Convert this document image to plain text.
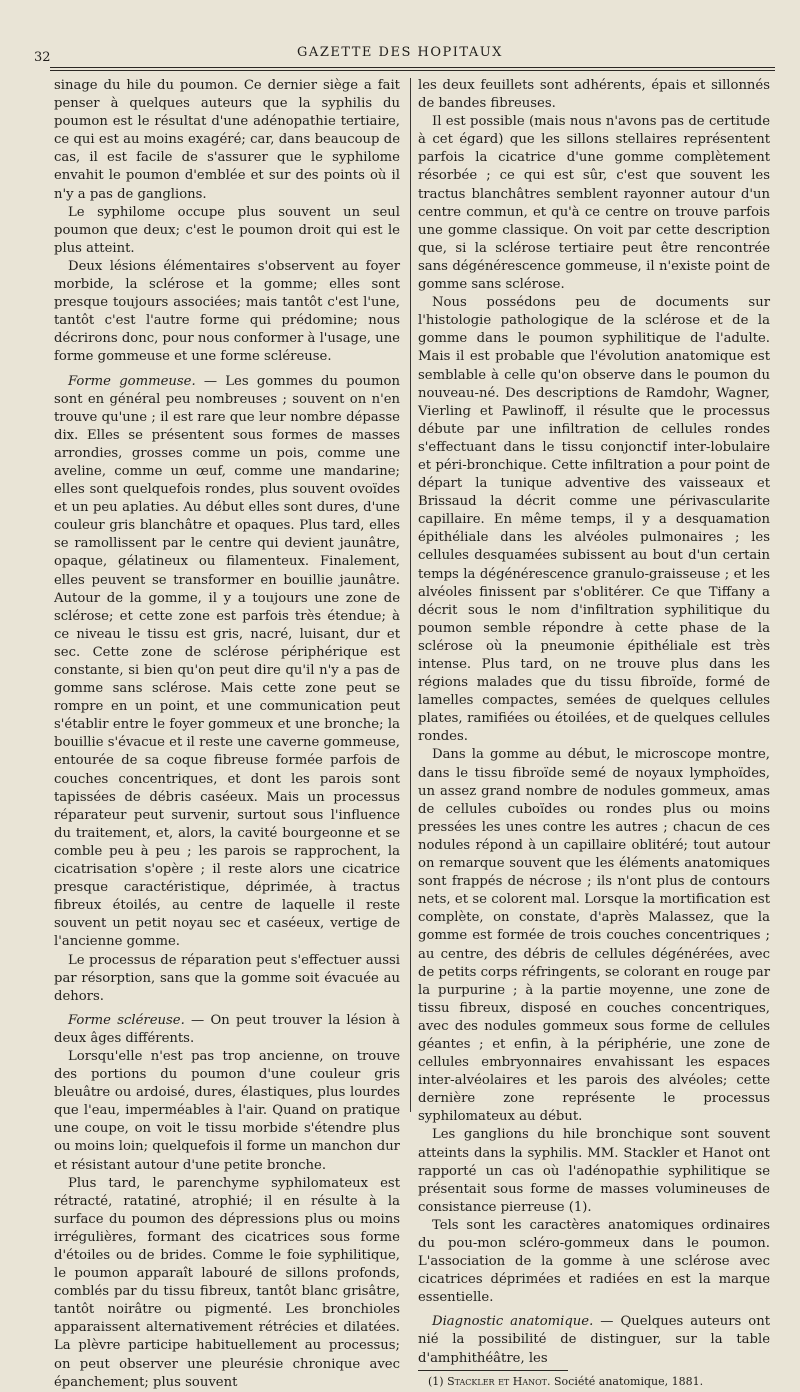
32	GAZETTE DES HOPITAUX

sinage du hile du poumon. Ce dernier siège a fait penser à quelques auteurs que la syphilis du poumon est le résultat d'une adénopathie tertiaire, ce qui est au moins exagéré; car, dans beaucoup de cas, il est facile de s'assurer que le syphilome envahit le poumon d'emblée et sur des points où il n'y a pas de ganglions.

Le syphilome occupe plus souvent un seul poumon que deux; c'est le poumon droit qui est le plus atteint.

Deux lésions élémentaires s'observent au foyer morbide, la sclérose et la gomme; elles sont presque toujours associées; mais tantôt c'est l'une, tantôt c'est l'autre forme qui prédomine; nous décrirons donc, pour nous conformer à l'usage, une forme gommeuse et une forme scléreuse.

Forme gommeuse. — Les gommes du poumon sont en général peu nombreuses ; souvent on n'en trouve qu'une ; il est rare que leur nombre dépasse dix. Elles se présentent sous formes de masses arrondies, grosses comme un pois, comme une aveline, comme un œuf, comme une mandarine; elles sont quelquefois rondes, plus souvent ovoïdes et un peu aplaties. Au début elles sont dures, d'une couleur gris blanchâtre et opaques. Plus tard, elles se ramollissent par le centre qui devient jaunâtre, opaque, gélatineux ou filamenteux. Finalement, elles peuvent se transformer en bouillie jaunâtre. Autour de la gomme, il y a toujours une zone de sclérose; et cette zone est parfois très étendue; à ce niveau le tissu est gris, nacré, luisant, dur et sec. Cette zone de sclérose périphérique est constante, si bien qu'on peut dire qu'il n'y a pas de gomme sans sclérose. Mais cette zone peut se rompre en un point, et une communication peut s'établir entre le foyer gommeux et une bronche; la bouillie s'évacue et il reste une caverne gommeuse, entourée de sa coque fibreuse formée parfois de couches concentriques, et dont les parois sont tapissées de débris caséeux. Mais un processus réparateur peut survenir, surtout sous l'influence du traitement, et, alors, la cavité bourgeonne et se comble peu à peu ; les parois se rapprochent, la cicatrisation s'opère ; il reste alors une cicatrice presque caractéristique, déprimée, à tractus fibreux étoilés, au centre de laquelle il reste souvent un petit noyau sec et caséeux, vertige de l'ancienne gomme.

Le processus de réparation peut s'effectuer aussi par résorption, sans que la gomme soit évacuée au dehors.

Forme scléreuse. — On peut trouver la lésion à deux âges différents.

Lorsqu'elle n'est pas trop ancienne, on trouve des portions du poumon d'une couleur gris bleuâtre ou ardoisé, dures, élastiques, plus lourdes que l'eau, imperméables à l'air. Quand on pratique une coupe, on voit le tissu morbide s'étendre plus ou moins loin; quelquefois il forme un manchon dur et résistant autour d'une petite bronche.

Plus tard, le parenchyme syphilomateux est rétracté, ratatiné, atrophié; il en résulte à la surface du poumon des dépressions plus ou moins irrégulières, formant des cicatrices sous forme d'étoiles ou de brides. Comme le foie syphilitique, le poumon apparaît labouré de sillons profonds, comblés par du tissu fibreux, tantôt blanc grisâtre, tantôt noirâtre ou pigmenté. Les bronchioles apparaissent alternativement rétrécies et dilatées. La plèvre participe habituellement au processus; on peut observer une pleurésie chronique avec épanchement; plus souvent

les deux feuillets sont adhérents, épais et sillonnés de bandes fibreuses.

Il est possible (mais nous n'avons pas de certitude à cet égard) que les sillons stellaires représentent parfois la cicatrice d'une gomme complètement résorbée ; ce qui est sûr, c'est que souvent les tractus blanchâtres semblent rayonner autour d'un centre commun, et qu'à ce centre on trouve parfois une gomme classique. On voit par cette description que, si la sclérose tertiaire peut être rencontrée sans dégénérescence gommeuse, il n'existe point de gomme sans sclérose.

Nous possédons peu de documents sur l'histologie pathologique de la sclérose et de la gomme dans le poumon syphilitique de l'adulte. Mais il est probable que l'évolution anatomique est semblable à celle qu'on observe dans le poumon du nouveau-né. Des descriptions de Ramdohr, Wagner, Vierling et Pawlinoff, il résulte que le processus débute par une infiltration de cellules rondes s'effectuant dans le tissu conjonctif inter-lobulaire et péri-bronchique. Cette infiltration a pour point de départ la tunique adventive des vaisseaux et Brissaud la décrit comme une périvascularite capillaire. En même temps, il y a desquamation épithéliale dans les alvéoles pulmonaires ; les cellules desquamées subissent au bout d'un certain temps la dégénérescence granulo-graisseuse ; et les alvéoles finissent par s'oblitérer. Ce que Tiffany a décrit sous le nom d'infiltration syphilitique du poumon semble répondre à cette phase de la sclérose où la pneumonie épithéliale est très intense. Plus tard, on ne trouve plus dans les régions malades que du tissu fibroïde, formé de lamelles compactes, semées de quelques cellules plates, ramifiées ou étoilées, et de quelques cellules rondes.

Dans la gomme au début, le microscope montre, dans le tissu fibroïde semé de noyaux lymphoïdes, un assez grand nombre de nodules gommeux, amas de cellules cuboïdes ou rondes plus ou moins pressées les unes contre les autres ; chacun de ces nodules répond à un capillaire oblitéré; tout autour on remarque souvent que les éléments anatomiques sont frappés de nécrose ; ils n'ont plus de contours nets, et se colorent mal. Lorsque la mortification est complète, on constate, d'après Malassez, que la gomme est formée de trois couches concentriques ; au centre, des débris de cellules dégénérées, avec de petits corps réfringents, se colorant en rouge par la purpurine ; à la partie moyenne, une zone de tissu fibreux, disposé en couches concentriques, avec des nodules gommeux sous forme de cellules géantes ; et enfin, à la périphérie, une zone de cellules embryonnaires envahissant les espaces inter-alvéolaires et les parois des alvéoles; cette dernière zone représente le processus syphilomateux au début.

Les ganglions du hile bronchique sont souvent atteints dans la syphilis. MM. Stackler et Hanot ont rapporté un cas où l'adénopathie syphilitique se présentait sous forme de masses volumineuses de consistance pierreuse (1).

Tels sont les caractères anatomiques ordinaires du pou-mon scléro-gommeux dans le poumon. L'association de la gomme à une sclérose avec cicatrices déprimées et radiées en est la marque essentielle.

Diagnostic anatomique. — Quelques auteurs ont nié la possibilité de distinguer, sur la table d'amphithéâtre, les

(1) Stackler et Hanot. Société anatomique, 1881.
